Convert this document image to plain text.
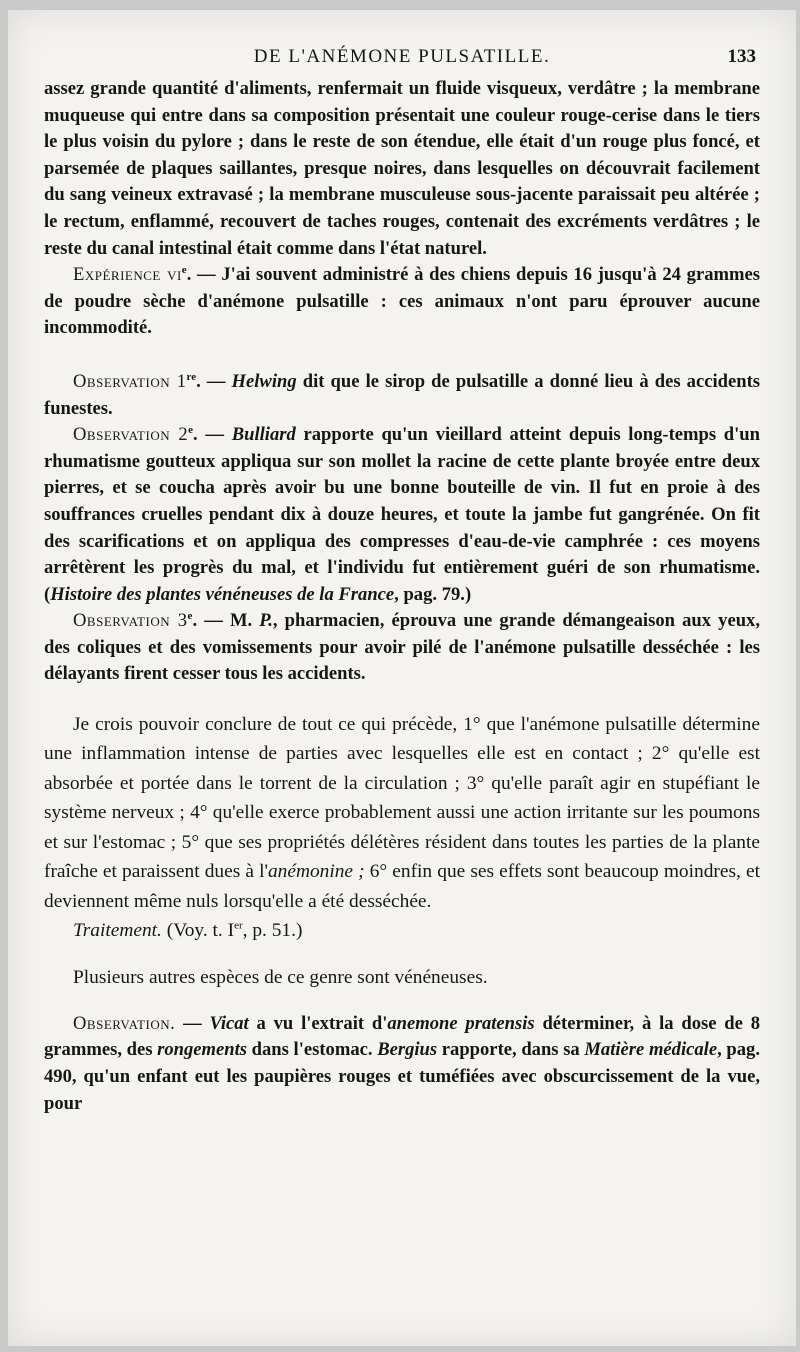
DE L'ANÉMONE PULSATILLE.	133

assez grande quantité d'aliments, renfermait un fluide visqueux, verdâtre ; la membrane muqueuse qui entre dans sa composition présentait une couleur rouge-cerise dans le tiers le plus voisin du pylore ; dans le reste de son étendue, elle était d'un rouge plus foncé, et parsemée de plaques saillantes, presque noires, dans lesquelles on découvrait facilement du sang veineux extravasé ; la membrane musculeuse sous-jacente paraissait peu altérée ; le rectum, enflammé, recouvert de taches rouges, contenait des excréments verdâtres ; le reste du canal intestinal était comme dans l'état naturel.

Expérience $vi^e$. — J'ai souvent administré à des chiens depuis 16 jusqu'à 24 grammes de poudre sèche d'anémone pulsatille : ces animaux n'ont paru éprouver aucune incommodité.

Observation 1re. — Helwing dit que le sirop de pulsatille a donné lieu à des accidents funestes.

Observation 2e. — Bulliard rapporte qu'un vieillard atteint depuis long-temps d'un rhumatisme goutteux appliqua sur son mollet la racine de cette plante broyée entre deux pierres, et se coucha après avoir bu une bonne bouteille de vin. Il fut en proie à des souffrances cruelles pendant dix à douze heures, et toute la jambe fut gangrénée. On fit des scarifications et on appliqua des compresses d'eau-de-vie camphrée : ces moyens arrêtèrent les progrès du mal, et l'individu fut entièrement guéri de son rhumatisme. (Histoire des plantes vénéneuses de la France, pag. 79.)

Observation 3e. — M. P., pharmacien, éprouva une grande démangeaison aux yeux, des coliques et des vomissements pour avoir pilé de l'anémone pulsatille desséchée : les délayants firent cesser tous les accidents.

Je crois pouvoir conclure de tout ce qui précède, 1° que l'anémone pulsatille détermine une inflammation intense de parties avec lesquelles elle est en contact ; 2° qu'elle est absorbée et portée dans le torrent de la circulation ; 3° qu'elle paraît agir en stupéfiant le système nerveux ; 4° qu'elle exerce probablement aussi une action irritante sur les poumons et sur l'estomac ; 5° que ses propriétés délétères résident dans toutes les parties de la plante fraîche et paraissent dues à l'anémonine ; 6° enfin que ses effets sont beaucoup moindres, et deviennent même nuls lorsqu'elle a été desséchée.

Traitement. (Voy. t. Ier, p. 51.)

Plusieurs autres espèces de ce genre sont vénéneuses.

Observation. — Vicat a vu l'extrait d'anemone pratensis déterminer, à la dose de 8 grammes, des rongements dans l'estomac. Bergius rapporte, dans sa Matière médicale, pag. 490, qu'un enfant eut les paupières rouges et tuméfiées avec obscurcissement de la vue, pour
